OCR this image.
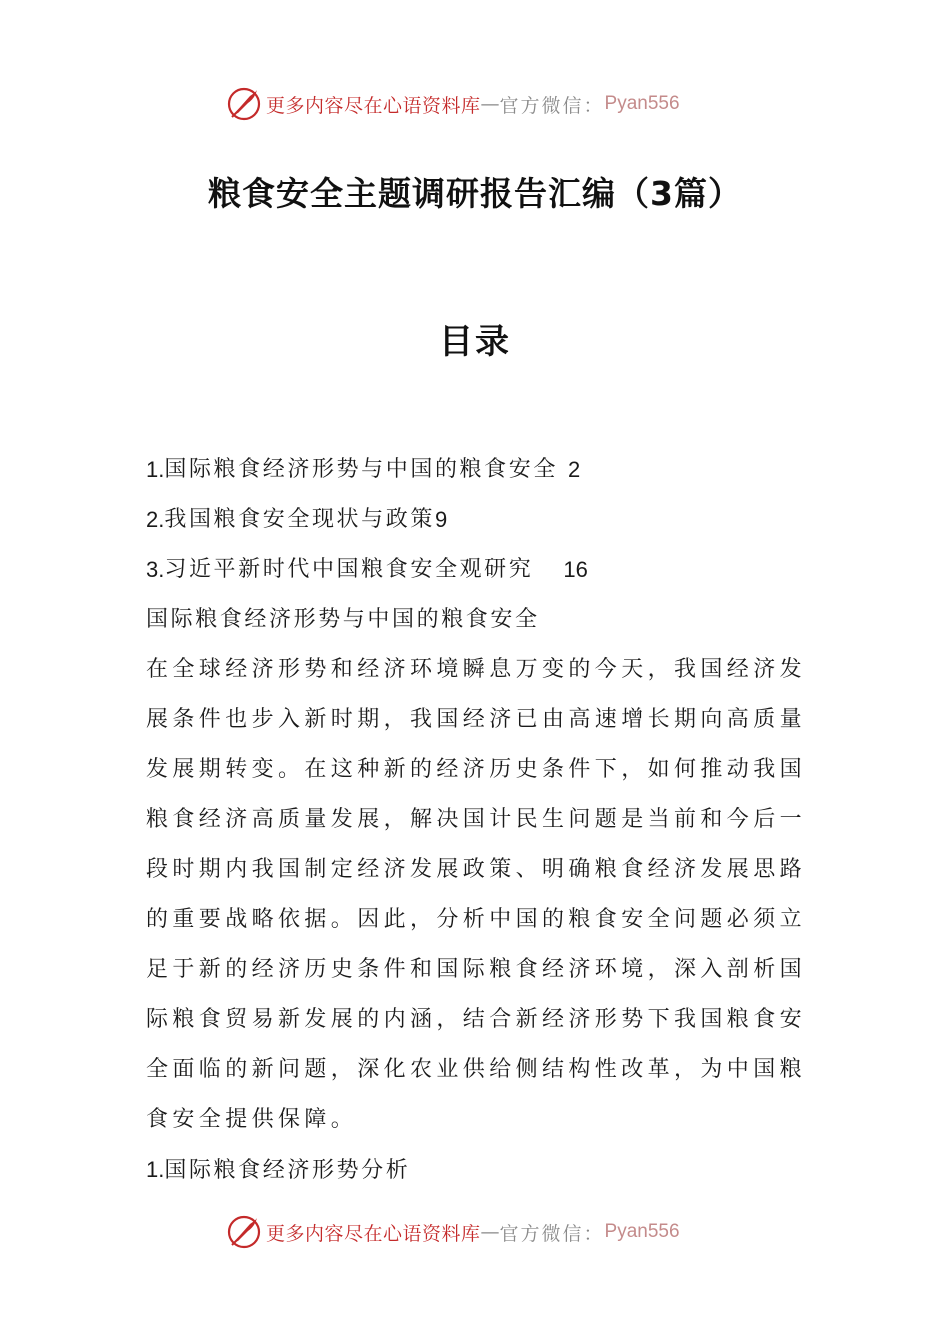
更多内容尽在心语资料库 — 官方微信： Pyan556
粮食安全主题调研报告汇编（3篇）
目录
1. 国际粮食经济形势与中国的粮食安全 2
2. 我国粮食安全现状与政策 9
3. 习近平新时代中国粮食安全观研究 16
国际粮食经济形势与中国的粮食安全
在全球经济形势和经济环境瞬息万变的今天，我国经济发
展条件也步入新时期，我国经济已由高速增长期向高质量
发展期转变。在这种新的经济历史条件下，如何推动我国
粮食经济高质量发展，解决国计民生问题是当前和今后一
段时期内我国制定经济发展政策、明确粮食经济发展思路
的重要战略依据。因此，分析中国的粮食安全问题必须立
足于新的经济历史条件和国际粮食经济环境，深入剖析国
际粮食贸易新发展的内涵，结合新经济形势下我国粮食安
全面临的新问题，深化农业供给侧结构性改革，为中国粮
食安全提供保障。
1.国际粮食经济形势分析
更多内容尽在心语资料库 — 官方微信： Pyan556
